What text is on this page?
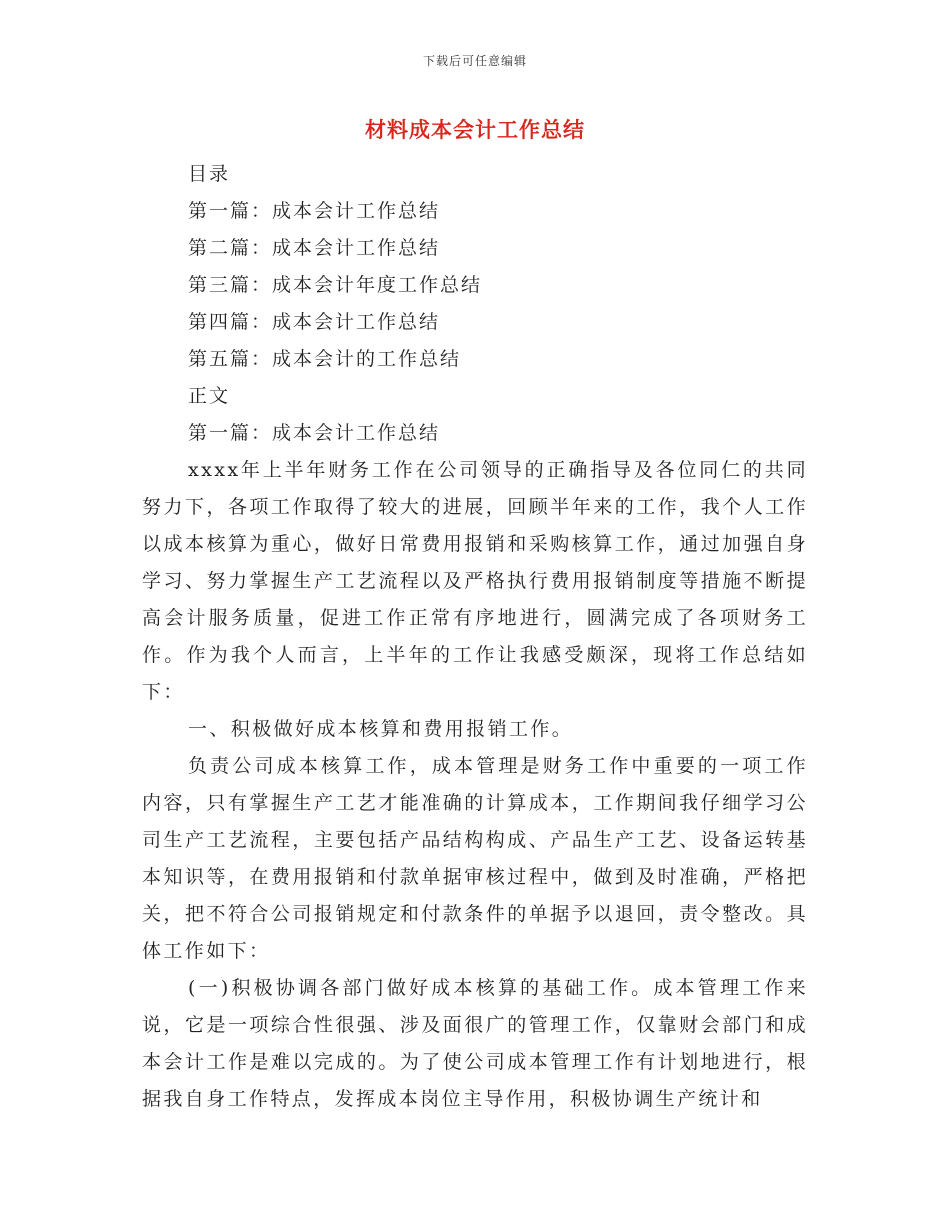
下载后可任意编辑
材料成本会计工作总结
目录
第一篇：成本会计工作总结
第二篇：成本会计工作总结
第三篇：成本会计年度工作总结
第四篇：成本会计工作总结
第五篇：成本会计的工作总结
正文
第一篇：成本会计工作总结

xxxx年上半年财务工作在公司领导的正确指导及各位同仁的共同努力下，各项工作取得了较大的进展，回顾半年来的工作，我个人工作以成本核算为重心，做好日常费用报销和采购核算工作，通过加强自身学习、努力掌握生产工艺流程以及严格执行费用报销制度等措施不断提高会计服务质量，促进工作正常有序地进行，圆满完成了各项财务工作。作为我个人而言，上半年的工作让我感受颇深，现将工作总结如下：

一、积极做好成本核算和费用报销工作。

负责公司成本核算工作，成本管理是财务工作中重要的一项工作内容，只有掌握生产工艺才能准确的计算成本，工作期间我仔细学习公司生产工艺流程，主要包括产品结构构成、产品生产工艺、设备运转基本知识等，在费用报销和付款单据审核过程中，做到及时准确，严格把关，把不符合公司报销规定和付款条件的单据予以退回，责令整改。具体工作如下：

(一)积极协调各部门做好成本核算的基础工作。成本管理工作来说，它是一项综合性很强、涉及面很广的管理工作，仅靠财会部门和成本会计工作是难以完成的。为了使公司成本管理工作有计划地进行，根据我自身工作特点，发挥成本岗位主导作用，积极协调生产统计和
